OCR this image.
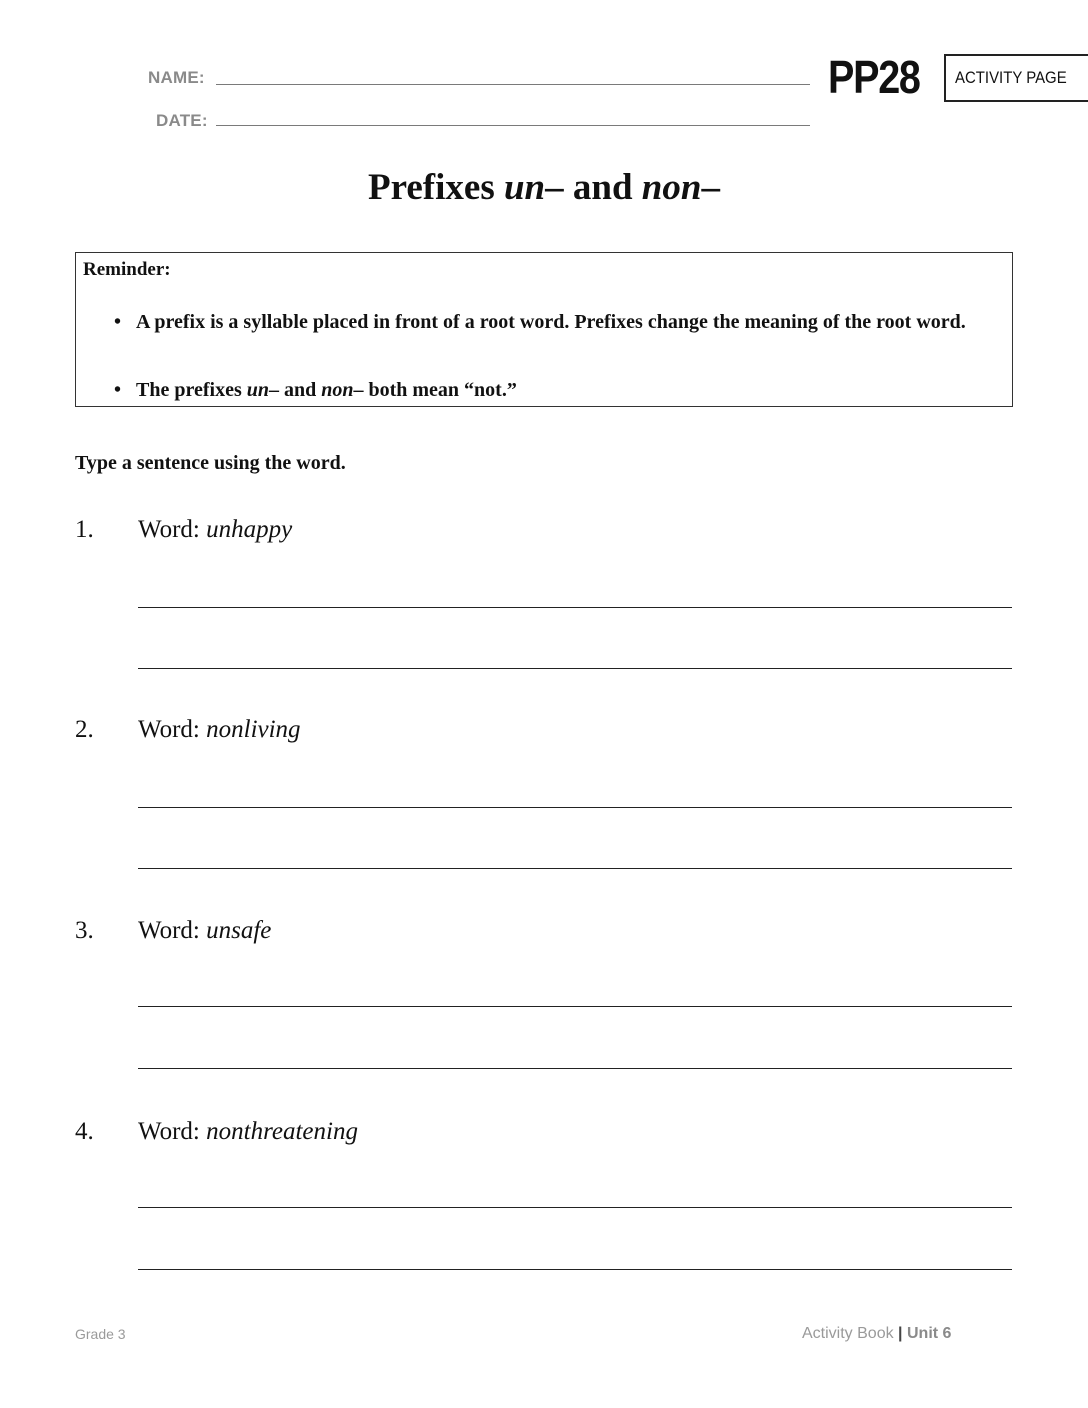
NAME:
DATE:
PP28 ACTIVITY PAGE
Prefixes un– and non–
Reminder:
• A prefix is a syllable placed in front of a root word. Prefixes change the meaning of the root word.
• The prefixes un– and non– both mean “not.”
Type a sentence using the word.
1. Word: unhappy
2. Word: nonliving
3. Word: unsafe
4. Word: nonthreatening
Grade 3	Activity Book | Unit 6
